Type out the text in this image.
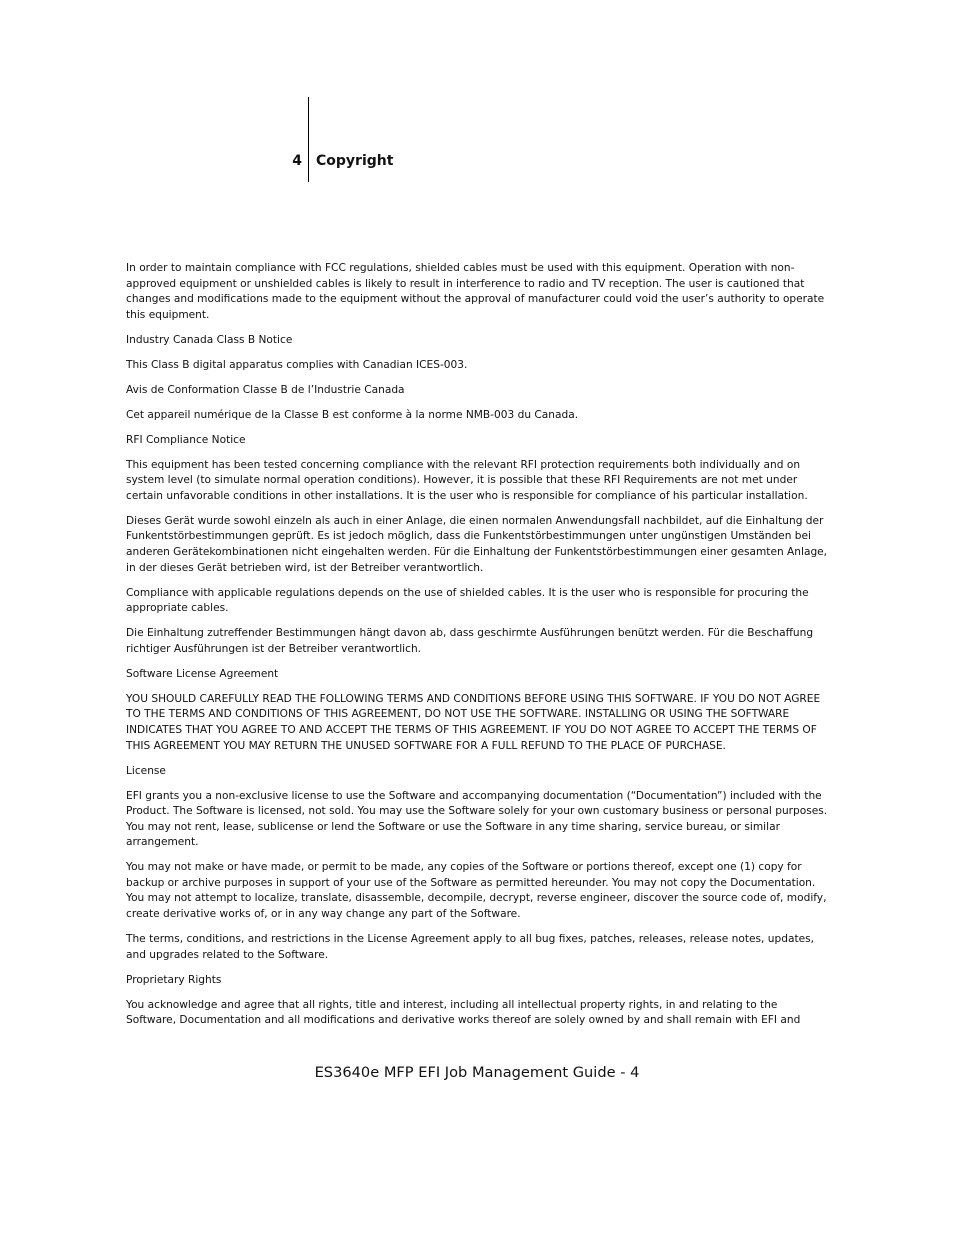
4 Copyright

In order to maintain compliance with FCC regulations, shielded cables must be used with this equipment. Operation with non-approved equipment or unshielded cables is likely to result in interference to radio and TV reception. The user is cautioned that changes and modifications made to the equipment without the approval of manufacturer could void the user’s authority to operate this equipment.

Industry Canada Class B Notice

This Class B digital apparatus complies with Canadian ICES-003.

Avis de Conformation Classe B de l’Industrie Canada

Cet appareil numérique de la Classe B est conforme à la norme NMB-003 du Canada.

RFI Compliance Notice

This equipment has been tested concerning compliance with the relevant RFI protection requirements both individually and on system level (to simulate normal operation conditions). However, it is possible that these RFI Requirements are not met under certain unfavorable conditions in other installations. It is the user who is responsible for compliance of his particular installation.

Dieses Gerät wurde sowohl einzeln als auch in einer Anlage, die einen normalen Anwendungsfall nachbildet, auf die Einhaltung der Funkentstörbestimmungen geprüft. Es ist jedoch möglich, dass die Funkentstörbestimmungen unter ungünstigen Umständen bei anderen Gerätekombinationen nicht eingehalten werden. Für die Einhaltung der Funkentstörbestimmungen einer gesamten Anlage, in der dieses Gerät betrieben wird, ist der Betreiber verantwortlich.

Compliance with applicable regulations depends on the use of shielded cables. It is the user who is responsible for procuring the appropriate cables.

Die Einhaltung zutreffender Bestimmungen hängt davon ab, dass geschirmte Ausführungen benützt werden. Für die Beschaffung richtiger Ausführungen ist der Betreiber verantwortlich.

Software License Agreement

YOU SHOULD CAREFULLY READ THE FOLLOWING TERMS AND CONDITIONS BEFORE USING THIS SOFTWARE. IF YOU DO NOT AGREE TO THE TERMS AND CONDITIONS OF THIS AGREEMENT, DO NOT USE THE SOFTWARE. INSTALLING OR USING THE SOFTWARE INDICATES THAT YOU AGREE TO AND ACCEPT THE TERMS OF THIS AGREEMENT. IF YOU DO NOT AGREE TO ACCEPT THE TERMS OF THIS AGREEMENT YOU MAY RETURN THE UNUSED SOFTWARE FOR A FULL REFUND TO THE PLACE OF PURCHASE.

License

EFI grants you a non-exclusive license to use the Software and accompanying documentation (“Documentation”) included with the Product. The Software is licensed, not sold. You may use the Software solely for your own customary business or personal purposes. You may not rent, lease, sublicense or lend the Software or use the Software in any time sharing, service bureau, or similar arrangement.

You may not make or have made, or permit to be made, any copies of the Software or portions thereof, except one (1) copy for backup or archive purposes in support of your use of the Software as permitted hereunder. You may not copy the Documentation. You may not attempt to localize, translate, disassemble, decompile, decrypt, reverse engineer, discover the source code of, modify, create derivative works of, or in any way change any part of the Software.

The terms, conditions, and restrictions in the License Agreement apply to all bug fixes, patches, releases, release notes, updates, and upgrades related to the Software.

Proprietary Rights

You acknowledge and agree that all rights, title and interest, including all intellectual property rights, in and relating to the Software, Documentation and all modifications and derivative works thereof are solely owned by and shall remain with EFI and

ES3640e MFP EFI Job Management Guide - 4
